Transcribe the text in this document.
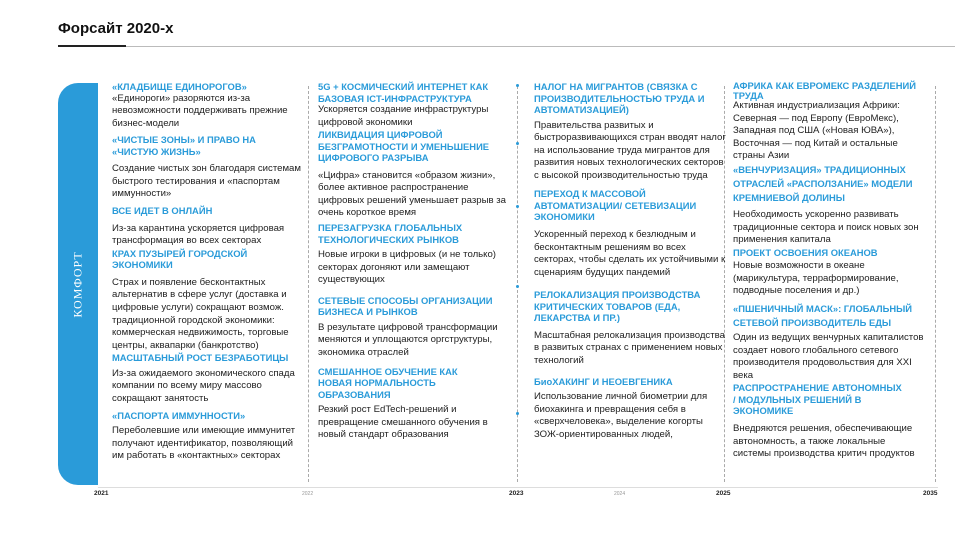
Форсайт 2020-х
КОМФОРТ

«КЛАДБИЩЕ ЕДИНОРОГОВ»

«Единороги» разоряются из-за невозможности поддерживать прежние бизнес-модели

«ЧИСТЫЕ ЗОНЫ» И ПРАВО НА «ЧИСТУЮ ЖИЗНЬ»

Создание чистых зон благодаря системам быстрого тестирования и «паспортам иммунности»

ВСЕ ИДЕТ В ОНЛАЙН

Из-за карантина ускоряется цифровая трансформация во всех секторах

КРАХ ПУЗЫРЕЙ ГОРОДСКОЙ ЭКОНОМИКИ

Страх и появление бесконтактных альтернатив в сфере услуг (доставка и цифровые услуги) сокращают возмож. традиционной городской экономики: коммерческая недвижимость, торговые центры, аквапарки (банкротство)

МАСШТАБНЫЙ РОСТ БЕЗРАБОТИЦЫ

Из-за ожидаемого экономического спада компании по всему миру массово сокращают занятость

«ПАСПОРТА ИММУННОСТИ»

Переболевшие или имеющие иммунитет получают идентификатор, позволяющий им работать в «контактных» секторах

5G + КОСМИЧЕСКИЙ ИНТЕРНЕТ КАК БАЗОВАЯ ICT-ИНФРАСТРУКТУРА

Ускоряется создание инфраструктуры цифровой экономики

ЛИКВИДАЦИЯ ЦИФРОВОЙ БЕЗГРАМОТНОСТИ И УМЕНЬШЕНИЕ ЦИФРОВОГО РАЗРЫВА

«Цифра» становится «образом жизни», более активное распространение цифровых решений уменьшает разрыв за очень короткое время

ПЕРЕЗАГРУЗКА ГЛОБАЛЬНЫХ ТЕХНОЛОГИЧЕСКИХ РЫНКОВ

Новые игроки в цифровых (и не только) секторах догоняют или замещают существующих

СЕТЕВЫЕ СПОСОБЫ ОРГАНИЗАЦИИ БИЗНЕСА И РЫНКОВ

В результате цифровой трансформации меняются и уплощаются оргструктуры, экономика отраслей

СМЕШАННОЕ ОБУЧЕНИЕ КАК НОВАЯ НОРМАЛЬНОСТЬ ОБРАЗОВАНИЯ

Резкий рост EdTech-решений и превращение смешанного обучения в новый стандарт образования

НАЛОГ НА МИГРАНТОВ (СВЯЗКА С ПРОИЗВОДИТЕЛЬНОСТЬЮ ТРУДА И АВТОМАТИЗАЦИЕЙ)

Правительства развитых и быстроразвивающихся стран вводят налог на использование труда мигрантов для развития новых технологических секторов с высокой производительностью труда

ПЕРЕХОД К МАССОВОЙ АВТОМАТИЗАЦИИ/ СЕТЕВИЗАЦИИ ЭКОНОМИКИ

Ускоренный переход к безлюдным и бесконтактным решениям во всех секторах, чтобы сделать их устойчивыми к сценариям будущих пандемий

РЕЛОКАЛИЗАЦИЯ ПРОИЗВОДСТВА КРИТИЧЕСКИХ ТОВАРОВ (ЕДА, ЛЕКАРСТВА И ПР.)

Масштабная релокализация производства в развитых странах с применением новых технологий

БиоХАКИНГ И НЕОЕВГЕНИКА

Использование личной биометрии для биохакинга и превращения себя в «сверхчеловека», выделение когорты ЗОЖ-ориентированных людей,

АФРИКА КАК ЕВРОМЕКС РАЗДЕЛЕНИЙ ТРУДА

Активная индустриализация Африки: Северная — под Европу (ЕвроМекс), Западная под США («Новая ЮВА»), Восточная — под Китай и остальные страны Азии

«ВЕНЧУРИЗАЦИЯ» ТРАДИЦИОННЫХ ОТРАСЛЕЙ «РАСПОЛЗАНИЕ» МОДЕЛИ КРЕМНИЕВОЙ ДОЛИНЫ

Необходимость ускоренно развивать традиционные сектора и поиск новых зон применения капитала

ПРОЕКТ ОСВОЕНИЯ ОКЕАНОВ

Новые возможности в океане (марикультура, терраформирование, подводные поселения и др.)

«ПШЕНИЧНЫЙ МАСК»: ГЛОБАЛЬНЫЙ СЕТЕВОЙ ПРОИЗВОДИТЕЛЬ ЕДЫ

Один из ведущих венчурных капиталистов создает нового глобального сетевого производителя продовольствия для XXI века

РАСПРОСТРАНЕНИЕ АВТОНОМНЫХ / МОДУЛЬНЫХ РЕШЕНИЙ В ЭКОНОМИКЕ

Внедряются решения, обеспечивающие автономность, а также локальные системы производства критич продуктов

2021	2022	2023	2024	2025	2035
